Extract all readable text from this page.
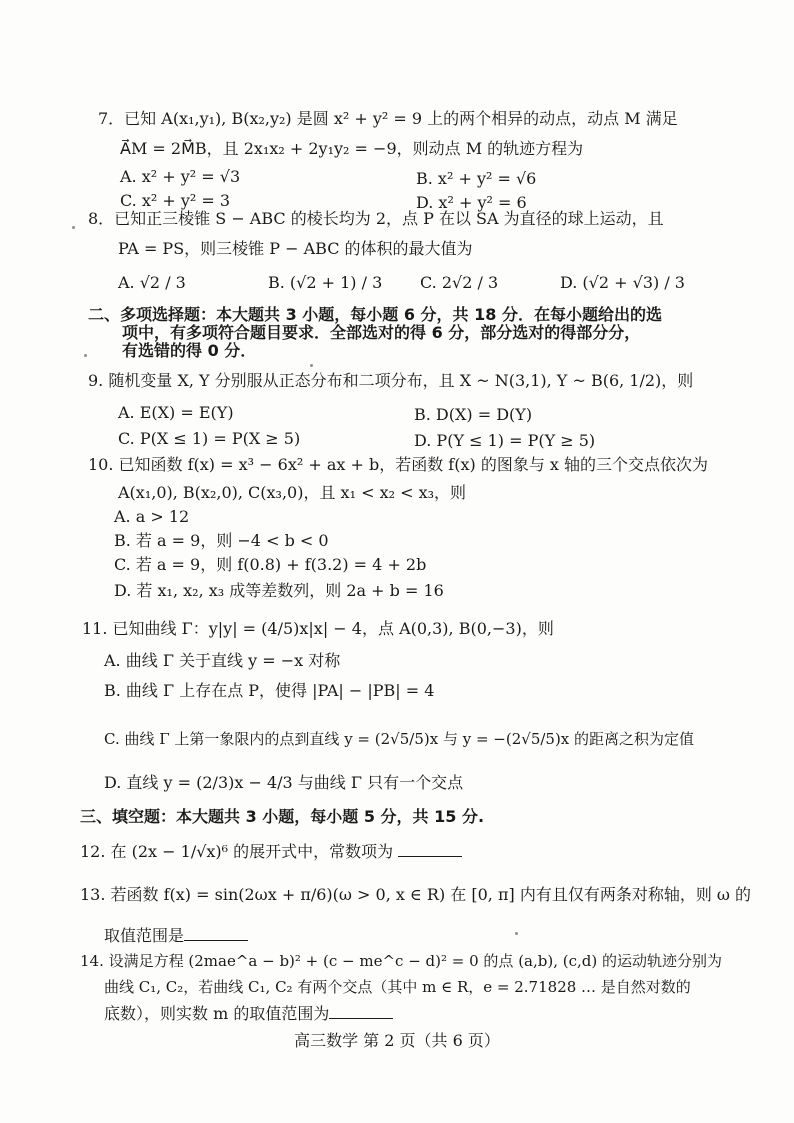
7．已知 A(x₁,y₁), B(x₂,y₂) 是圆 x² + y² = 9 上的两个相异的动点，动点 M 满足
A⃗M = 2M⃗B，且 2x₁x₂ + 2y₁y₂ = −9，则动点 M 的轨迹方程为
A. x² + y² = √3	B. x² + y² = √6
C. x² + y² = 3	D. x² + y² = 6
8．已知正三棱锥 S − ABC 的棱长均为 2，点 P 在以 SA 为直径的球上运动，且
PA = PS，则三棱锥 P − ABC 的体积的最大值为
A. √2 / 3	B. (√2 + 1) / 3 C. 2√2 / 3	D. (√2 + √3) / 3
二、多项选择题：本大题共 3 小题，每小题 6 分，共 18 分．在每小题给出的选
项中，有多项符合题目要求．全部选对的得 6 分，部分选对的得部分分，
有选错的得 0 分．
9. 随机变量 X, Y 分别服从正态分布和二项分布，且 X ~ N(3,1), Y ~ B(6, 1/2)，则
A. E(X) = E(Y)	B. D(X) = D(Y)
C. P(X ≤ 1) = P(X ≥ 5)	D. P(Y ≤ 1) = P(Y ≥ 5)
10. 已知函数 f(x) = x³ − 6x² + ax + b，若函数 f(x) 的图象与 x 轴的三个交点依次为
A(x₁,0), B(x₂,0), C(x₃,0)，且 x₁ < x₂ < x₃，则
A. a > 12
B. 若 a = 9，则 −4 < b < 0
C. 若 a = 9，则 f(0.8) + f(3.2) = 4 + 2b
D. 若 x₁, x₂, x₃ 成等差数列，则 2a + b = 16
11. 已知曲线 Γ：y|y| = (4/5)x|x| − 4，点 A(0,3), B(0,−3)，则
A. 曲线 Γ 关于直线 y = −x 对称
B. 曲线 Γ 上存在点 P，使得 |PA| − |PB| = 4
C. 曲线 Γ 上第一象限内的点到直线 y = (2√5/5)x 与 y = −(2√5/5)x 的距离之积为定值
D. 直线 y = (2/3)x − 4/3 与曲线 Γ 只有一个交点
三、填空题：本大题共 3 小题，每小题 5 分，共 15 分.
12. 在 (2x − 1/√x)⁶ 的展开式中，常数项为
13. 若函数 f(x) = sin(2ωx + π/6)(ω > 0, x ∈ R) 在 [0, π] 内有且仅有两条对称轴，则 ω 的
取值范围是
14. 设满足方程 (2mae^a − b)² + (c − me^c − d)² = 0 的点 (a,b), (c,d) 的运动轨迹分别为
曲线 C₁, C₂，若曲线 C₁, C₂ 有两个交点（其中 m ∈ R，e = 2.71828 … 是自然对数的
底数），则实数 m 的取值范围为
高三数学 第 2 页（共 6 页）
